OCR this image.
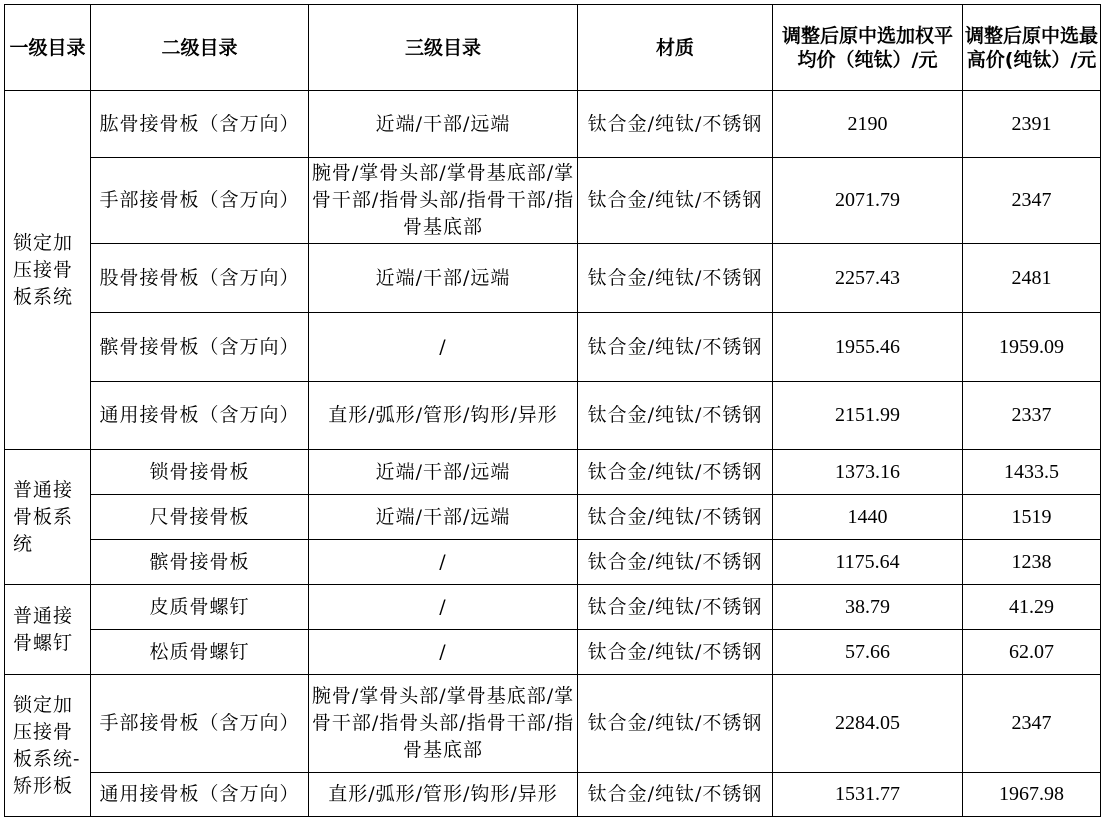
一级目录	二级目录	三级目录	材质	调整后原中选加权平均价（纯钛）/元	调整后原中选最高价(纯钛）/元
锁定加压接骨板系统	肱骨接骨板（含万向）	近端/干部/远端	钛合金/纯钛/不锈钢	2190	2391
	手部接骨板（含万向）	腕骨/掌骨头部/掌骨基底部/掌骨干部/指骨头部/指骨干部/指骨基底部	钛合金/纯钛/不锈钢	2071.79	2347
	股骨接骨板（含万向）	近端/干部/远端	钛合金/纯钛/不锈钢	2257.43	2481
	髌骨接骨板（含万向）	/	钛合金/纯钛/不锈钢	1955.46	1959.09
	通用接骨板（含万向）	直形/弧形/管形/钩形/异形	钛合金/纯钛/不锈钢	2151.99	2337
普通接骨板系统	锁骨接骨板	近端/干部/远端	钛合金/纯钛/不锈钢	1373.16	1433.5
	尺骨接骨板	近端/干部/远端	钛合金/纯钛/不锈钢	1440	1519
	髌骨接骨板	/	钛合金/纯钛/不锈钢	1175.64	1238
普通接骨螺钉	皮质骨螺钉	/	钛合金/纯钛/不锈钢	38.79	41.29
	松质骨螺钉	/	钛合金/纯钛/不锈钢	57.66	62.07
锁定加压接骨板系统-矫形板	手部接骨板（含万向）	腕骨/掌骨头部/掌骨基底部/掌骨干部/指骨头部/指骨干部/指骨基底部	钛合金/纯钛/不锈钢	2284.05	2347
	通用接骨板（含万向）	直形/弧形/管形/钩形/异形	钛合金/纯钛/不锈钢	1531.77	1967.98
